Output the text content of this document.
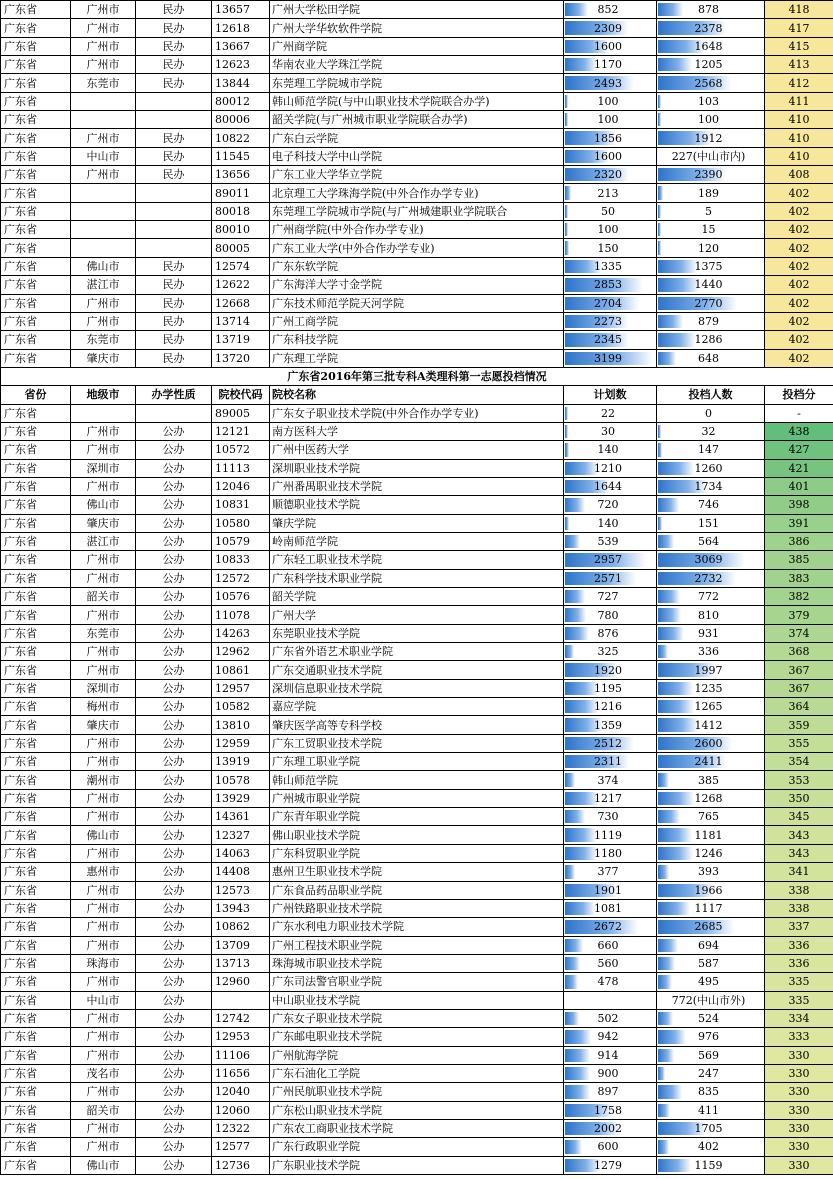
广东省	广州市	民办	13657	广州大学松田学院	852	878	418
广东省	广州市	民办	12618	广州大学华软软件学院	2309	2378	417
广东省	广州市	民办	13667	广州商学院	1600	1648	415
广东省	广州市	民办	12623	华南农业大学珠江学院	1170	1205	413
广东省	东莞市	民办	13844	东莞理工学院城市学院	2493	2568	412
广东省			80012	韩山师范学院(与中山职业技术学院联合办学)	100	103	411
广东省			80006	韶关学院(与广州城市职业学院联合办学)	100	100	410
广东省	广州市	民办	10822	广东白云学院	1856	1912	410
广东省	中山市	民办	11545	电子科技大学中山学院	1600	227(中山市内)	410
广东省	广州市	民办	13656	广东工业大学华立学院	2320	2390	408
广东省			89011	北京理工大学珠海学院(中外合作办学专业)	213	189	402
广东省			80018	东莞理工学院城市学院(与广州城建职业学院联合	50	5	402
广东省			80010	广州商学院(中外合作办学专业)	100	15	402
广东省			80005	广东工业大学(中外合作办学专业)	150	120	402
广东省	佛山市	民办	12574	广东东软学院	1335	1375	402
广东省	湛江市	民办	12622	广东海洋大学寸金学院	2853	1440	402
广东省	广州市	民办	12668	广东技术师范学院天河学院	2704	2770	402
广东省	广州市	民办	13714	广州工商学院	2273	879	402
广东省	东莞市	民办	13719	广东科技学院	2345	1286	402
广东省	肇庆市	民办	13720	广东理工学院	3199	648	402
广东省2016年第三批专科A类理科第一志愿投档情况							
省份	地级市	办学性质	院校代码	院校名称	计划数	投档人数	投档分
广东省			89005	广东女子职业技术学院(中外合作办学专业)	22	0	-
广东省	广州市	公办	12121	南方医科大学	30	32	438
广东省	广州市	公办	10572	广州中医药大学	140	147	427
广东省	深圳市	公办	11113	深圳职业技术学院	1210	1260	421
广东省	广州市	公办	12046	广州番禺职业技术学院	1644	1734	401
广东省	佛山市	公办	10831	顺德职业技术学院	720	746	398
广东省	肇庆市	公办	10580	肇庆学院	140	151	391
广东省	湛江市	公办	10579	岭南师范学院	539	564	386
广东省	广州市	公办	10833	广东轻工职业技术学院	2957	3069	385
广东省	广州市	公办	12572	广东科学技术职业学院	2571	2732	383
广东省	韶关市	公办	10576	韶关学院	727	772	382
广东省	广州市	公办	11078	广州大学	780	810	379
广东省	东莞市	公办	14263	东莞职业技术学院	876	931	374
广东省	广州市	公办	12962	广东省外语艺术职业学院	325	336	368
广东省	广州市	公办	10861	广东交通职业技术学院	1920	1997	367
广东省	深圳市	公办	12957	深圳信息职业技术学院	1195	1235	367
广东省	梅州市	公办	10582	嘉应学院	1216	1265	364
广东省	肇庆市	公办	13810	肇庆医学高等专科学校	1359	1412	359
广东省	广州市	公办	12959	广东工贸职业技术学院	2512	2600	355
广东省	广州市	公办	13919	广东理工职业学院	2311	2411	354
广东省	潮州市	公办	10578	韩山师范学院	374	385	353
广东省	广州市	公办	13929	广州城市职业学院	1217	1268	350
广东省	广州市	公办	14361	广东青年职业学院	730	765	345
广东省	佛山市	公办	12327	佛山职业技术学院	1119	1181	343
广东省	广州市	公办	14063	广东科贸职业学院	1180	1246	343
广东省	惠州市	公办	14408	惠州卫生职业技术学院	377	393	341
广东省	广州市	公办	12573	广东食品药品职业学院	1901	1966	338
广东省	广州市	公办	13943	广州铁路职业技术学院	1081	1117	338
广东省	广州市	公办	10862	广东水利电力职业技术学院	2672	2685	337
广东省	广州市	公办	13709	广州工程技术职业学院	660	694	336
广东省	珠海市	公办	13713	珠海城市职业技术学院	560	587	336
广东省	广州市	公办	12960	广东司法警官职业学院	478	495	335
广东省	中山市	公办		中山职业技术学院		772(中山市外)	335
广东省	广州市	公办	12742	广东女子职业技术学院	502	524	334
广东省	广州市	公办	12953	广东邮电职业技术学院	942	976	333
广东省	广州市	公办	11106	广州航海学院	914	569	330
广东省	茂名市	公办	11656	广东石油化工学院	900	247	330
广东省	广州市	公办	12040	广州民航职业技术学院	897	835	330
广东省	韶关市	公办	12060	广东松山职业技术学院	1758	411	330
广东省	广州市	公办	12322	广东农工商职业技术学院	2002	1705	330
广东省	广州市	公办	12577	广东行政职业学院	600	402	330
广东省	佛山市	公办	12736	广东职业技术学院	1279	1159	330
